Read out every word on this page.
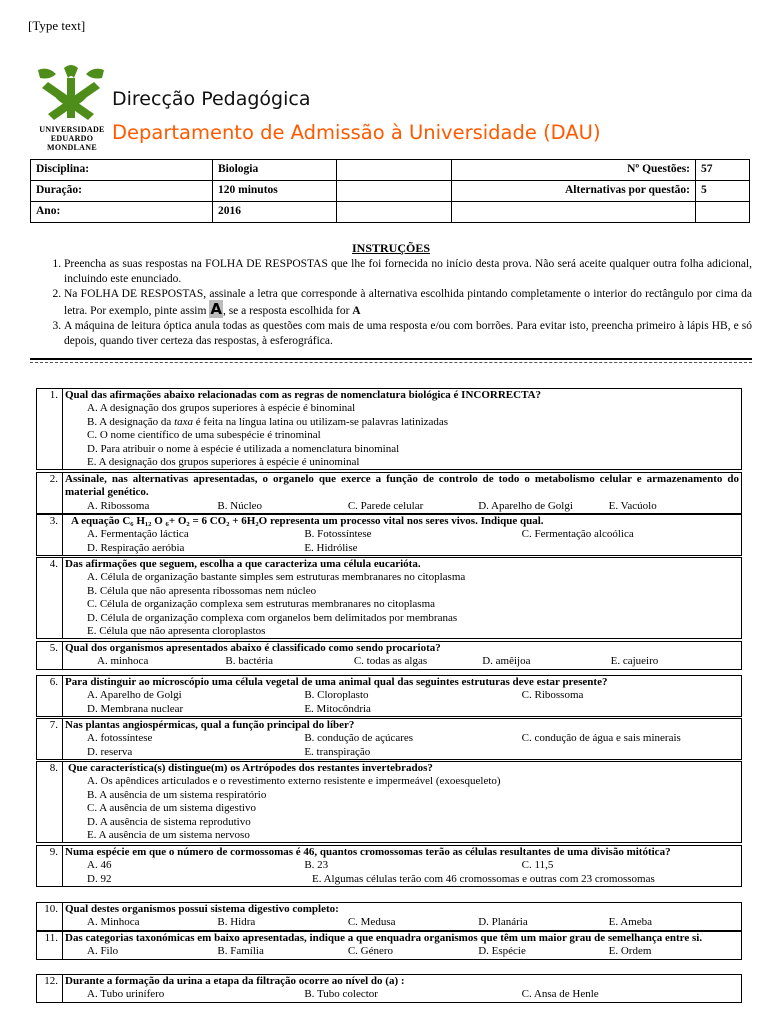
[Type text]
UNIVERSIDADE
EDUARDO
MONDLANE
Direcção Pedagógica
Departamento de Admissão à Universidade (DAU)
Disciplina:	Biologia		Nº Questões:	57
Duração:	120 minutos		Alternativas por questão:	5
Ano:	2016			
INSTRUÇÕES
1. Preencha as suas respostas na FOLHA DE RESPOSTAS que lhe foi fornecida no início desta prova. Não será aceite qualquer outra folha adicional, incluindo este enunciado.
2. Na FOLHA DE RESPOSTAS, assinale a letra que corresponde à alternativa escolhida pintando completamente o interior do rectângulo por cima da letra. Por exemplo, pinte assim A, se a resposta escolhida for A
3. A máquina de leitura óptica anula todas as questões com mais de uma resposta e/ou com borrões. Para evitar isto, preencha primeiro à lápis HB, e só depois, quando tiver certeza das respostas, à esferográfica.
1.	Qual das afirmações abaixo relacionadas com as regras de nomenclatura biológica é INCORRECTA?
A. A designação dos grupos superiores à espécie é binominal
B. A designação da taxa é feita na língua latina ou utilizam-se palavras latinizadas
C. O nome científico de uma subespécie é trinominal
D. Para atribuir o nome à espécie é utilizada a nomenclatura binominal
E. A designação dos grupos superiores à espécie é uninominal
2.	Assinale, nas alternativas apresentadas, o organelo que exerce a função de controlo de todo o metabolismo celular e armazenamento do material genético.
A. Ribossoma	B. Núcleo	C. Parede celular	D. Aparelho de Golgi	E. Vacúolo
3.	A equação C₆ H₁₂ O ₆+ O₂ = 6 CO₂ + 6H₂O representa um processo vital nos seres vivos. Indique qual.
A. Fermentação láctica	B. Fotossíntese	C. Fermentação alcoólica
D. Respiração aeróbia	E. Hidrólise
4.	Das afirmações que seguem, escolha a que caracteriza uma célula eucarióta.
A. Célula de organização bastante simples sem estruturas membranares no citoplasma
B. Célula que não apresenta ribossomas nem núcleo
C. Célula de organização complexa sem estruturas membranares no citoplasma
D. Célula de organização complexa com organelos bem delimitados por membranas
E. Célula que não apresenta cloroplastos
5.	Qual dos organismos apresentados abaixo é classificado como sendo procariota?
A. minhoca	B. bactéria	C. todas as algas	D. amêijoa	E. cajueiro
6.	Para distinguir ao microscópio uma célula vegetal de uma animal qual das seguintes estruturas deve estar presente?
A. Aparelho de Golgi	B. Cloroplasto	C. Ribossoma
D. Membrana nuclear	E. Mitocôndria
7.	Nas plantas angiospérmicas, qual a função principal do líber?
A. fotossíntese	B. condução de açúcares	C. condução de água e sais minerais
D. reserva	E. transpiração
8.	Que característica(s) distingue(m) os Artrópodes dos restantes invertebrados?
A. Os apêndices articulados e o revestimento externo resistente e impermeável (exoesqueleto)
B. A ausência de um sistema respiratório
C. A ausência de um sistema digestivo
D. A ausência de sistema reprodutivo
E. A ausência de um sistema nervoso
9.	Numa espécie em que o número de cormossomas é 46, quantos cromossomas terão as células resultantes de uma divisão mitótica?
A. 46	B. 23	C. 11,5
D. 92	E. Algumas células terão com 46 cromossomas e outras com 23 cromossomas
10.	Qual destes organismos possui sistema digestivo completo:
A. Minhoca	B. Hidra	C. Medusa	D. Planária	E. Ameba
11.	Das categorias taxonómicas em baixo apresentadas, indique a que enquadra organismos que têm um maior grau de semelhança entre si.
A. Filo	B. Família	C. Género	D. Espécie	E. Ordem
12.	Durante a formação da urina a etapa da filtração ocorre ao nível do (a) :
A. Tubo urinífero	B. Tubo colector	C. Ansa de Henle
